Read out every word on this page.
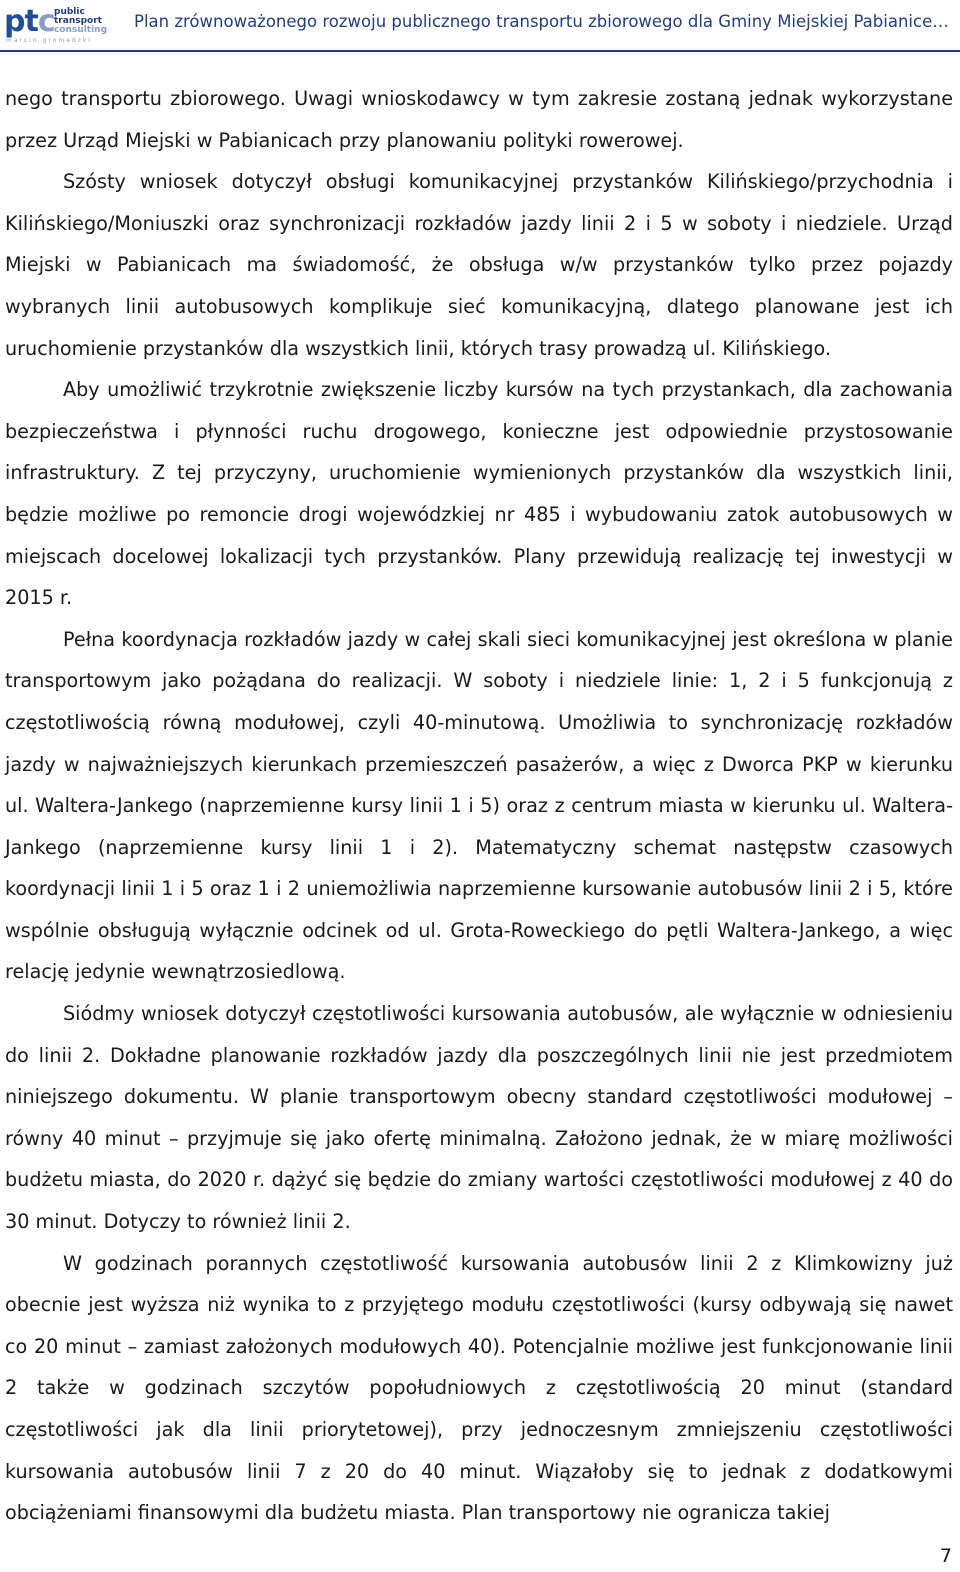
ptc public
transport
consulting
marcin gromadzki
Plan zrównoważonego rozwoju publicznego transportu zbiorowego dla Gminy Miejskiej Pabianice…

nego transportu zbiorowego. Uwagi wnioskodawcy w tym zakresie zostaną jednak wykorzystane przez Urząd Miejski w Pabianicach przy planowaniu polityki rowerowej.

Szósty wniosek dotyczył obsługi komunikacyjnej przystanków Kilińskiego/przychodnia i Kilińskiego/Moniuszki oraz synchronizacji rozkładów jazdy linii 2 i 5 w soboty i niedziele. Urząd Miejski w Pabianicach ma świadomość, że obsługa w/w przystanków tylko przez pojazdy wybranych linii autobusowych komplikuje sieć komunikacyjną, dlatego planowane jest ich uruchomienie przystanków dla wszystkich linii, których trasy prowadzą ul. Kilińskiego.

Aby umożliwić trzykrotnie zwiększenie liczby kursów na tych przystankach, dla zachowania bezpieczeństwa i płynności ruchu drogowego, konieczne jest odpowiednie przystosowanie infrastruktury. Z tej przyczyny, uruchomienie wymienionych przystanków dla wszystkich linii, będzie możliwe po remoncie drogi wojewódzkiej nr 485 i wybudowaniu zatok autobusowych w miejscach docelowej lokalizacji tych przystanków. Plany przewidują realizację tej inwestycji w 2015 r.

Pełna koordynacja rozkładów jazdy w całej skali sieci komunikacyjnej jest określona w planie transportowym jako pożądana do realizacji. W soboty i niedziele linie: 1, 2 i 5 funkcjonują z częstotliwością równą modułowej, czyli 40-minutową. Umożliwia to synchronizację rozkładów jazdy w najważniejszych kierunkach przemieszczeń pasażerów, a więc z Dworca PKP w kierunku ul. Waltera-Jankego (naprzemienne kursy linii 1 i 5) oraz z centrum miasta w kierunku ul. Waltera-Jankego (naprzemienne kursy linii 1 i 2). Matematyczny schemat następstw czasowych koordynacji linii 1 i 5 oraz 1 i 2 uniemożliwia naprzemienne kursowanie autobusów linii 2 i 5, które wspólnie obsługują wyłącznie odcinek od ul. Grota-Roweckiego do pętli Waltera-Jankego, a więc relację jedynie wewnątrzosiedlową.

Siódmy wniosek dotyczył częstotliwości kursowania autobusów, ale wyłącznie w odniesieniu do linii 2. Dokładne planowanie rozkładów jazdy dla poszczególnych linii nie jest przedmiotem niniejszego dokumentu. W planie transportowym obecny standard częstotliwości modułowej – równy 40 minut – przyjmuje się jako ofertę minimalną. Założono jednak, że w miarę możliwości budżetu miasta, do 2020 r. dążyć się będzie do zmiany wartości częstotliwości modułowej z 40 do 30 minut. Dotyczy to również linii 2.

W godzinach porannych częstotliwość kursowania autobusów linii 2 z Klimkowizny już obecnie jest wyższa niż wynika to z przyjętego modułu częstotliwości (kursy odbywają się nawet co 20 minut – zamiast założonych modułowych 40). Potencjalnie możliwe jest funkcjonowanie linii 2 także w godzinach szczytów popołudniowych z częstotliwością 20 minut (standard częstotliwości jak dla linii priorytetowej), przy jednoczesnym zmniejszeniu częstotliwości kursowania autobusów linii 7 z 20 do 40 minut. Wiązałoby się to jednak z dodatkowymi obciążeniami finansowymi dla budżetu miasta. Plan transportowy nie ogranicza takiej

7
